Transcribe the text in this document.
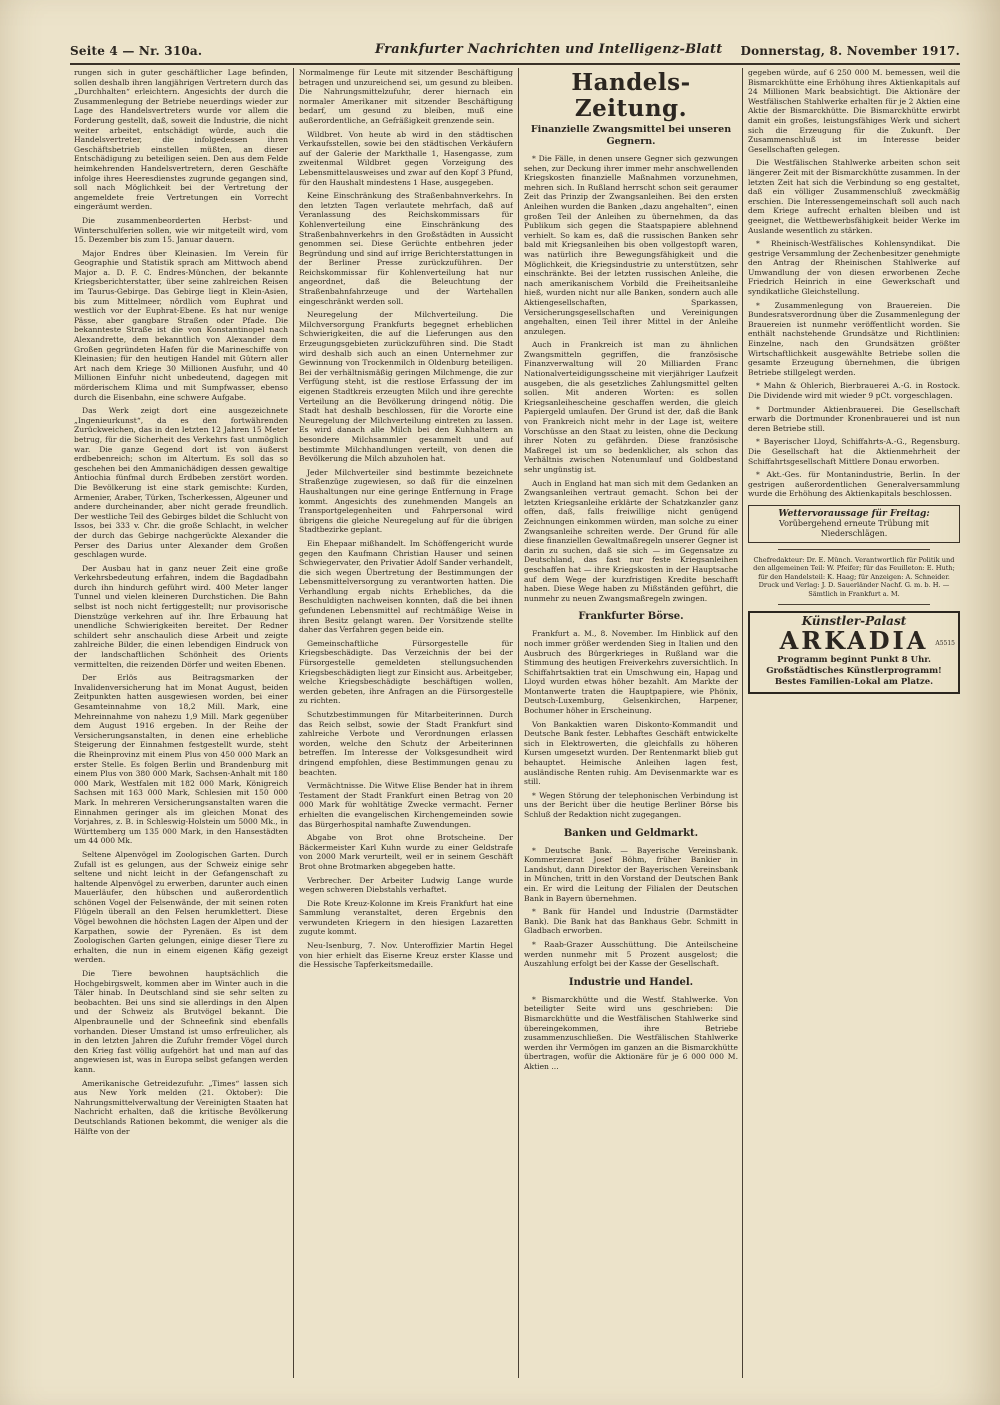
Seite 4 — Nr. 310a.	Frankfurter Nachrichten und Intelligenz-Blatt Donnerstag, 8. November 1917.

rungen sich in guter geschäftlicher Lage befinden, sollen deshalb ihren langjährigen Vertretern durch das „Durchhalten“ erleichtern. Angesichts der durch die Zusammenlegung der Betriebe neuerdings wieder zur Lage des Handelsvertreters wurde vor allem die Forderung gestellt, daß, soweit die Industrie, die nicht weiter arbeitet, entschädigt würde, auch die Handelsvertreter, die infolgedessen ihren Geschäftsbetrieb einstellen müßten, an dieser Entschädigung zu beteiligen seien. Den aus dem Felde heimkehrenden Handelsvertretern, deren Geschäfte infolge ihres Heeresdienstes zugrunde gegangen sind, soll nach Möglichkeit bei der Vertretung der angemeldete freie Vertretungen ein Vorrecht eingeräumt werden.

Die zusammenbeorderten Herbst- und Winterschulferien sollen, wie wir mitgeteilt wird, vom 15. Dezember bis zum 15. Januar dauern.

Major Endres über Kleinasien. Im Verein für Geographie und Statistik sprach am Mittwoch abend Major a. D. F. C. Endres-München, der bekannte Kriegsberichterstatter, über seine zahlreichen Reisen im Taurus-Gebirge. Das Gebirge liegt in Klein-Asien, bis zum Mittelmeer, nördlich vom Euphrat und westlich vor der Euphrat-Ebene. Es hat nur wenige Pässe, aber gangbare Straßen oder Pfade. Die bekannteste Straße ist die von Konstantinopel nach Alexandrette, dem bekanntlich von Alexander dem Großen gegründeten Hafen für die Marineschiffe von Kleinasien; für den heutigen Handel mit Gütern aller Art nach dem Kriege 30 Millionen Ausfuhr, und 40 Millionen Einfuhr nicht unbedeutend, dagegen mit mörderischem Klima und mit Sumpfwasser, ebenso durch die Eisenbahn, eine schwere Aufgabe.

Das Werk zeigt dort eine ausgezeichnete „Ingenieurkunst“, da es den fortwährenden Zurückweichen, das in den letzten 12 Jahren 15 Meter betrug, für die Sicherheit des Verkehrs fast unmöglich war. Die ganze Gegend dort ist von äußerst erdbebenreich; schon im Altertum. Es soll das so geschehen bei den Ammanichädigen dessen gewaltige Antiochia fünfmal durch Erdbeben zerstört worden. Die Bevölkerung ist eine stark gemischte: Kurden, Armenier, Araber, Türken, Tscherkessen, Algeuner und andere durcheinander, aber nicht gerade freundlich. Der westliche Teil des Gebirges bildet die Schlucht von Issos, bei 333 v. Chr. die große Schlacht, in welcher der durch das Gebirge nachgerückte Alexander die Perser des Darius unter Alexander dem Großen geschlagen wurde.

Der Ausbau hat in ganz neuer Zeit eine große Verkehrsbedeutung erfahren, indem die Bagdadbahn durch ihn hindurch geführt wird. 400 Meter langer Tunnel und vielen kleineren Durchstichen. Die Bahn selbst ist noch nicht fertiggestellt; nur provisorische Dienstzüge verkehren auf ihr. Ihre Erbauung hat unendliche Schwierigkeiten bereitet. Der Redner schildert sehr anschaulich diese Arbeit und zeigte zahlreiche Bilder, die einen lebendigen Eindruck von der landschaftlichen Schönheit des Orients vermittelten, die reizenden Dörfer und weiten Ebenen.

Der Erlös aus Beitragsmarken der Invalidenversicherung hat im Monat August, beiden Zeitpunkten hatten ausgewiesen worden, bei einer Gesamteinnahme von 18,2 Mill. Mark, eine Mehreinnahme von nahezu 1,9 Mill. Mark gegenüber dem August 1916 ergeben. In der Reihe der Versicherungsanstalten, in denen eine erhebliche Steigerung der Einnahmen festgestellt wurde, steht die Rheinprovinz mit einem Plus von 450 000 Mark an erster Stelle. Es folgen Berlin und Brandenburg mit einem Plus von 380 000 Mark, Sachsen-Anhalt mit 180 000 Mark, Westfalen mit 182 000 Mark, Königreich Sachsen mit 163 000 Mark, Schlesien mit 150 000 Mark. In mehreren Versicherungsanstalten waren die Einnahmen geringer als im gleichen Monat des Vorjahres, z. B. in Schleswig-Holstein um 5000 Mk., in Württemberg um 135 000 Mark, in den Hansestädten um 44 000 Mk.

Seltene Alpenvögel im Zoologischen Garten. Durch Zufall ist es gelungen, aus der Schweiz einige sehr seltene und nicht leicht in der Gefangenschaft zu haltende Alpenvögel zu erwerben, darunter auch einen Mauerläufer, den hübschen und außerordentlich schönen Vogel der Felsenwände, der mit seinen roten Flügeln überall an den Felsen herumklettert. Diese Vögel bewohnen die höchsten Lagen der Alpen und der Karpathen, sowie der Pyrenäen. Es ist dem Zoologischen Garten gelungen, einige dieser Tiere zu erhalten, die nun in einem eigenen Käfig gezeigt werden.

Die Tiere bewohnen hauptsächlich die Hochgebirgswelt, kommen aber im Winter auch in die Täler hinab. In Deutschland sind sie sehr selten zu beobachten. Bei uns sind sie allerdings in den Alpen und der Schweiz als Brutvögel bekannt. Die Alpenbraunelle und der Schneefink sind ebenfalls vorhanden. Dieser Umstand ist umso erfreulicher, als in den letzten Jahren die Zufuhr fremder Vögel durch den Krieg fast völlig aufgehört hat und man auf das angewiesen ist, was in Europa selbst gefangen werden kann.

Amerikanische Getreidezufuhr. „Times“ lassen sich aus New York melden (21. Oktober): Die Nahrungsmittelverwaltung der Vereinigten Staaten hat Nachricht erhalten, daß die kritische Bevölkerung Deutschlands Rationen bekommt, die weniger als die Hälfte von der

Normalmenge für Leute mit sitzender Beschäftigung betragen und unzureichend sei, um gesund zu bleiben. Die Nahrungsmittelzufuhr, derer hiernach ein normaler Amerikaner mit sitzender Beschäftigung bedarf, um gesund zu bleiben, muß eine außerordentliche, an Gefräßigkeit grenzende sein.

Wildbret. Von heute ab wird in den städtischen Verkaufsstellen, sowie bei den städtischen Verkäufern auf der Galerie der Markthalle 1, Hasengasse, zum zweitenmal Wildbret gegen Vorzeigung des Lebensmittelausweises und zwar auf den Kopf 3 Pfund, für den Haushalt mindestens 1 Hase, ausgegeben.

Keine Einschränkung des Straßenbahnverkehrs. In den letzten Tagen verlautete mehrfach, daß auf Veranlassung des Reichskommissars für Kohlenverteilung eine Einschränkung des Straßenbahnverkehrs in den Großstädten in Aussicht genommen sei. Diese Gerüchte entbehren jeder Begründung und sind auf irrige Berichterstattungen in der Berliner Presse zurückzuführen. Der Reichskommissar für Kohlenverteilung hat nur angeordnet, daß die Beleuchtung der Straßenbahnfahrzeuge und der Wartehallen eingeschränkt werden soll.

Neuregelung der Milchverteilung. Die Milchversorgung Frankfurts begegnet erheblichen Schwierigkeiten, die auf die Lieferungen aus den Erzeugungsgebieten zurückzuführen sind. Die Stadt wird deshalb sich auch an einen Unternehmer zur Gewinnung von Trockenmilch in Oldenburg beteiligen. Bei der verhältnismäßig geringen Milchmenge, die zur Verfügung steht, ist die restlose Erfassung der im eigenen Stadtkreis erzeugten Milch und ihre gerechte Verteilung an die Bevölkerung dringend nötig. Die Stadt hat deshalb beschlossen, für die Vororte eine Neuregelung der Milchverteilung eintreten zu lassen. Es wird danach alle Milch bei den Kuhhaltern an besondere Milchsammler gesammelt und auf bestimmte Milchhandlungen verteilt, von denen die Bevölkerung die Milch abzuholen hat.

Jeder Milchverteiler sind bestimmte bezeichnete Straßenzüge zugewiesen, so daß für die einzelnen Haushaltungen nur eine geringe Entfernung in Frage kommt. Angesichts des zunehmenden Mangels an Transportgelegenheiten und Fahrpersonal wird übrigens die gleiche Neuregelung auf für die übrigen Stadtbezirke geplant.

Ein Ehepaar mißhandelt. Im Schöffengericht wurde gegen den Kaufmann Christian Hauser und seinen Schwiegervater, den Privatier Adolf Sander verhandelt, die sich wegen Übertretung der Bestimmungen der Lebensmittelversorgung zu verantworten hatten. Die Verhandlung ergab nichts Erhebliches, da die Beschuldigten nachweisen konnten, daß die bei ihnen gefundenen Lebensmittel auf rechtmäßige Weise in ihren Besitz gelangt waren. Der Vorsitzende stellte daher das Verfahren gegen beide ein.

Gemeinschaftliche Fürsorgestelle für Kriegsbeschädigte. Das Verzeichnis der bei der Fürsorgestelle gemeldeten stellungsuchenden Kriegsbeschädigten liegt zur Einsicht aus. Arbeitgeber, welche Kriegsbeschädigte beschäftigen wollen, werden gebeten, ihre Anfragen an die Fürsorgestelle zu richten.

Schutzbestimmungen für Mitarbeiterinnen. Durch das Reich selbst, sowie der Stadt Frankfurt sind zahlreiche Verbote und Verordnungen erlassen worden, welche den Schutz der Arbeiterinnen betreffen. Im Interesse der Volksgesundheit wird dringend empfohlen, diese Bestimmungen genau zu beachten.

Vermächtnisse. Die Witwe Elise Bender hat in ihrem Testament der Stadt Frankfurt einen Betrag von 20 000 Mark für wohltätige Zwecke vermacht. Ferner erhielten die evangelischen Kirchengemeinden sowie das Bürgerhospital namhafte Zuwendungen.

Abgabe von Brot ohne Brotscheine. Der Bäckermeister Karl Kuhn wurde zu einer Geldstrafe von 2000 Mark verurteilt, weil er in seinem Geschäft Brot ohne Brotmarken abgegeben hatte.

Verbrecher. Der Arbeiter Ludwig Lange wurde wegen schweren Diebstahls verhaftet.

Die Rote Kreuz-Kolonne im Kreis Frankfurt hat eine Sammlung veranstaltet, deren Ergebnis den verwundeten Kriegern in den hiesigen Lazaretten zugute kommt.

Neu-Isenburg, 7. Nov. Unteroffizier Martin Hegel von hier erhielt das Eiserne Kreuz erster Klasse und die Hessische Tapferkeitsmedaille.

Handels-Zeitung.
Finanzielle Zwangsmittel bei unseren Gegnern.

* Die Fälle, in denen unsere Gegner sich gezwungen sehen, zur Deckung ihrer immer mehr anschwellenden Kriegskosten finanzielle Maßnahmen vorzunehmen, mehren sich. In Rußland herrscht schon seit geraumer Zeit das Prinzip der Zwangsanleihen. Bei den ersten Anleihen wurden die Banken „dazu angehalten“, einen großen Teil der Anleihen zu übernehmen, da das Publikum sich gegen die Staatspapiere ablehnend verhielt. So kam es, daß die russischen Banken sehr bald mit Kriegsanleihen bis oben vollgestopft waren, was natürlich ihre Bewegungsfähigkeit und die Möglichkeit, die Kriegsindustrie zu unterstützen, sehr einschränkte. Bei der letzten russischen Anleihe, die nach amerikanischem Vorbild die Freiheitsanleihe hieß, wurden nicht nur alle Banken, sondern auch alle Aktiengesellschaften, Sparkassen, Versicherungsgesellschaften und Vereinigungen angehalten, einen Teil ihrer Mittel in der Anleihe anzulegen.

Auch in Frankreich ist man zu ähnlichen Zwangsmitteln gegriffen, die französische Finanzverwaltung will 20 Milliarden Franc Nationalverteidigungsscheine mit vierjähriger Laufzeit ausgeben, die als gesetzliches Zahlungsmittel gelten sollen. Mit anderen Worten: es sollen Kriegsanleihescheine geschaffen werden, die gleich Papiergeld umlaufen. Der Grund ist der, daß die Bank von Frankreich nicht mehr in der Lage ist, weitere Vorschüsse an den Staat zu leisten, ohne die Deckung ihrer Noten zu gefährden. Diese französische Maßregel ist um so bedenklicher, als schon das Verhältnis zwischen Notenumlauf und Goldbestand sehr ungünstig ist.

Auch in England hat man sich mit dem Gedanken an Zwangsanleihen vertraut gemacht. Schon bei der letzten Kriegsanleihe erklärte der Schatzkanzler ganz offen, daß, falls freiwillige nicht genügend Zeichnungen einkommen würden, man solche zu einer Zwangsanleihe schreiten werde. Der Grund für alle diese finanziellen Gewaltmaßregeln unserer Gegner ist darin zu suchen, daß sie sich — im Gegensatze zu Deutschland, das fast nur feste Kriegsanleihen geschaffen hat — ihre Kriegskosten in der Hauptsache auf dem Wege der kurzfristigen Kredite beschafft haben. Diese Wege haben zu Mißständen geführt, die nunmehr zu neuen Zwangsmaßregeln zwingen.

Frankfurter Börse.

Frankfurt a. M., 8. November. Im Hinblick auf den noch immer größer werdenden Sieg in Italien und den Ausbruch des Bürgerkrieges in Rußland war die Stimmung des heutigen Freiverkehrs zuversichtlich. In Schiffahrtsaktien trat ein Umschwung ein, Hapag und Lloyd wurden etwas höher bezahlt. Am Markte der Montanwerte traten die Hauptpapiere, wie Phönix, Deutsch-Luxemburg, Gelsenkirchen, Harpener, Bochumer höher in Erscheinung.

Von Bankaktien waren Diskonto-Kommandit und Deutsche Bank fester. Lebhaftes Geschäft entwickelte sich in Elektrowerten, die gleichfalls zu höheren Kursen umgesetzt wurden. Der Rentenmarkt blieb gut behauptet. Heimische Anleihen lagen fest, ausländische Renten ruhig. Am Devisenmarkte war es still.

* Wegen Störung der telephonischen Verbindung ist uns der Bericht über die heutige Berliner Börse bis Schluß der Redaktion nicht zugegangen.

Banken und Geldmarkt.

* Deutsche Bank. — Bayerische Vereinsbank. Kommerzienrat Josef Böhm, früher Bankier in Landshut, dann Direktor der Bayerischen Vereinsbank in München, tritt in den Vorstand der Deutschen Bank ein. Er wird die Leitung der Filialen der Deutschen Bank in Bayern übernehmen.

* Bank für Handel und Industrie (Darmstädter Bank). Die Bank hat das Bankhaus Gebr. Schmitt in Gladbach erworben.

* Raab-Grazer Ausschüttung. Die Anteilscheine werden nunmehr mit 5 Prozent ausgelost; die Auszahlung erfolgt bei der Kasse der Gesellschaft.

Industrie und Handel.

* Bismarckhütte und die Westf. Stahlwerke. Von beteiligter Seite wird uns geschrieben: Die Bismarckhütte und die Westfälischen Stahlwerke sind übereingekommen, ihre Betriebe zusammenzuschließen. Die Westfälischen Stahlwerke werden ihr Vermögen im ganzen an die Bismarckhütte übertragen, wofür die Aktionäre für je 6 000 000 M. Aktien ...

gegeben würde, auf 6 250 000 M. bemessen, weil die Bismarckhütte eine Erhöhung ihres Aktienkapitals auf 24 Millionen Mark beabsichtigt. Die Aktionäre der Westfälischen Stahlwerke erhalten für je 2 Aktien eine Aktie der Bismarckhütte. Die Bismarckhütte erwirbt damit ein großes, leistungsfähiges Werk und sichert sich die Erzeugung für die Zukunft. Der Zusammenschluß ist im Interesse beider Gesellschaften gelegen.

Die Westfälischen Stahlwerke arbeiten schon seit längerer Zeit mit der Bismarckhütte zusammen. In der letzten Zeit hat sich die Verbindung so eng gestaltet, daß ein völliger Zusammenschluß zweckmäßig erschien. Die Interessengemeinschaft soll auch nach dem Kriege aufrecht erhalten bleiben und ist geeignet, die Wettbewerbsfähigkeit beider Werke im Auslande wesentlich zu stärken.

* Rheinisch-Westfälisches Kohlensyndikat. Die gestrige Versammlung der Zechenbesitzer genehmigte den Antrag der Rheinischen Stahlwerke auf Umwandlung der von diesen erworbenen Zeche Friedrich Heinrich in eine Gewerkschaft und syndikatliche Gleichstellung.

* Zusammenlegung von Brauereien. Die Bundesratsverordnung über die Zusammenlegung der Brauereien ist nunmehr veröffentlicht worden. Sie enthält nachstehende Grundsätze und Richtlinien: Einzelne, nach den Grundsätzen größter Wirtschaftlichkeit ausgewählte Betriebe sollen die gesamte Erzeugung übernehmen, die übrigen Betriebe stillgelegt werden.

* Mahn & Ohlerich, Bierbrauerei A.-G. in Rostock. Die Dividende wird mit wieder 9 pCt. vorgeschlagen.

* Dortmunder Aktienbrauerei. Die Gesellschaft erwarb die Dortmunder Kronenbrauerei und ist nun deren Betriebe still.

* Bayerischer Lloyd, Schiffahrts-A.-G., Regensburg. Die Gesellschaft hat die Aktienmehrheit der Schiffahrtsgesellschaft Mittlere Donau erworben.

* Akt.-Ges. für Montanindustrie, Berlin. In der gestrigen außerordentlichen Generalversammlung wurde die Erhöhung des Aktienkapitals beschlossen.

Wettervoraussage für Freitag:
Vorübergehend erneute Trübung mit Niederschlägen.
Chefredakteur: Dr. E. Münch. Verantwortlich für Politik und den allgemeinen Teil: W. Pfeifer; für das Feuilleton: E. Huth; für den Handelsteil: K. Haag; für Anzeigen: A. Schneider. Druck und Verlag: J. D. Sauerländer Nachf. G. m. b. H. — Sämtlich in Frankfurt a. M.
Künstler-Palast
ARKADIA	A5515
Programm beginnt Punkt 8 Uhr.
Großstädtisches Künstlerprogramm!
Bestes Familien-Lokal am Platze.
